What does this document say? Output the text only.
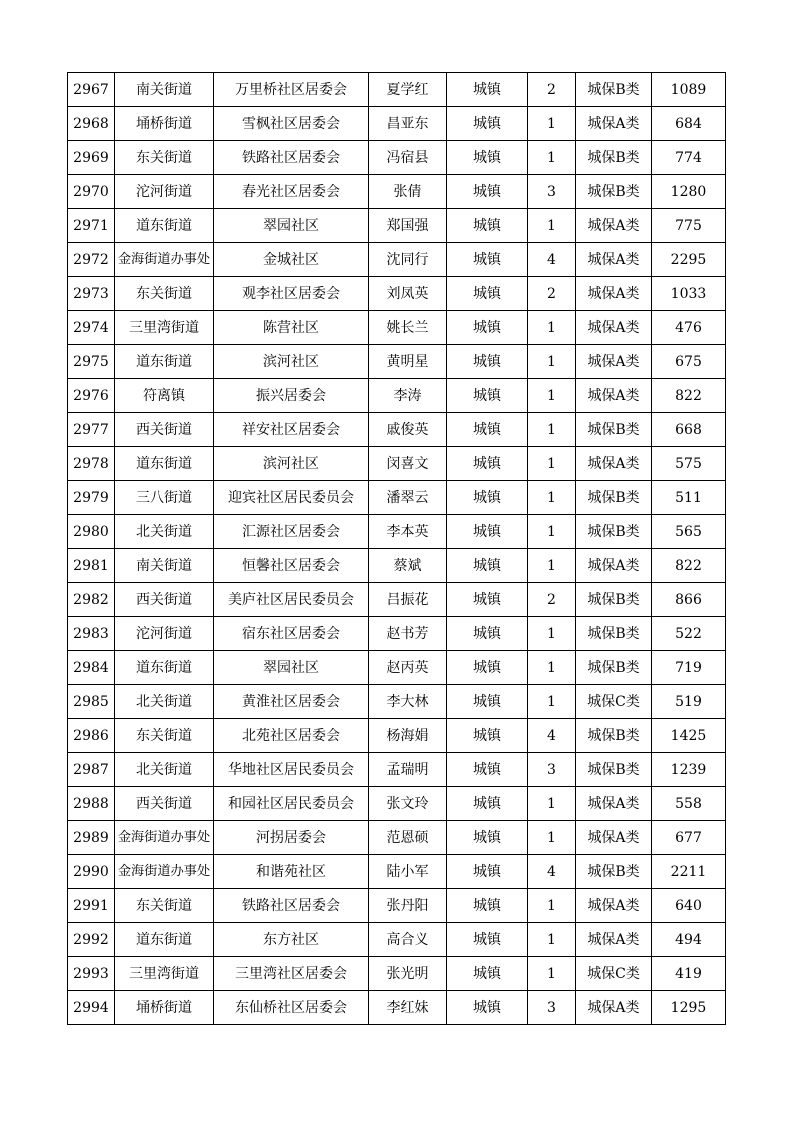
2967	南关街道	万里桥社区居委会	夏学红	城镇	2	城保B类	1089
2968	埇桥街道	雪枫社区居委会	昌亚东	城镇	1	城保A类	684
2969	东关街道	铁路社区居委会	冯宿县	城镇	1	城保B类	774
2970	沱河街道	春光社区居委会	张倩	城镇	3	城保B类	1280
2971	道东街道	翠园社区	郑国强	城镇	1	城保A类	775
2972	金海街道办事处	金城社区	沈同行	城镇	4	城保A类	2295
2973	东关街道	观李社区居委会	刘凤英	城镇	2	城保A类	1033
2974	三里湾街道	陈营社区	姚长兰	城镇	1	城保A类	476
2975	道东街道	滨河社区	黄明星	城镇	1	城保A类	675
2976	符离镇	振兴居委会	李涛	城镇	1	城保A类	822
2977	西关街道	祥安社区居委会	戚俊英	城镇	1	城保B类	668
2978	道东街道	滨河社区	闵喜文	城镇	1	城保A类	575
2979	三八街道	迎宾社区居民委员会	潘翠云	城镇	1	城保B类	511
2980	北关街道	汇源社区居委会	李本英	城镇	1	城保B类	565
2981	南关街道	恒馨社区居委会	蔡斌	城镇	1	城保A类	822
2982	西关街道	美庐社区居民委员会	吕振花	城镇	2	城保B类	866
2983	沱河街道	宿东社区居委会	赵书芳	城镇	1	城保B类	522
2984	道东街道	翠园社区	赵丙英	城镇	1	城保B类	719
2985	北关街道	黄淮社区居委会	李大林	城镇	1	城保C类	519
2986	东关街道	北苑社区居委会	杨海娟	城镇	4	城保B类	1425
2987	北关街道	华地社区居民委员会	孟瑞明	城镇	3	城保B类	1239
2988	西关街道	和园社区居民委员会	张文玲	城镇	1	城保A类	558
2989	金海街道办事处	河拐居委会	范恩硕	城镇	1	城保A类	677
2990	金海街道办事处	和谐苑社区	陆小军	城镇	4	城保B类	2211
2991	东关街道	铁路社区居委会	张丹阳	城镇	1	城保A类	640
2992	道东街道	东方社区	高合义	城镇	1	城保A类	494
2993	三里湾街道	三里湾社区居委会	张光明	城镇	1	城保C类	419
2994	埇桥街道	东仙桥社区居委会	李红妹	城镇	3	城保A类	1295
